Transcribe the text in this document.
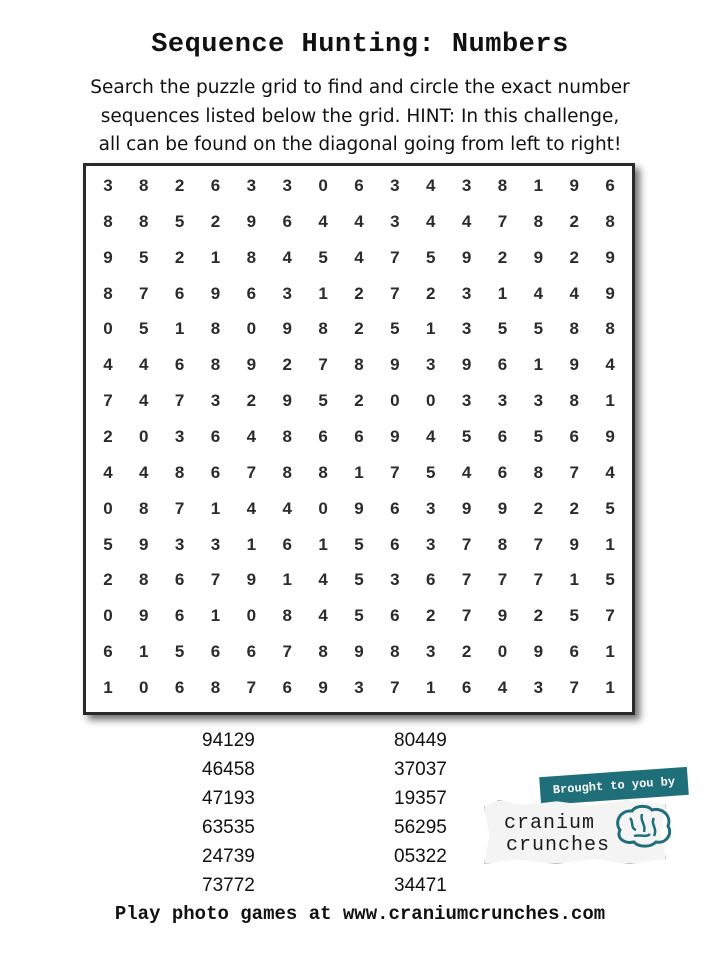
Sequence Hunting: Numbers
Search the puzzle grid to find and circle the exact number
sequences listed below the grid. HINT: In this challenge,
all can be found on the diagonal going from left to right!
3	8	2	6	3	3	0	6	3	4	3	8	1	9	6
8	8	5	2	9	6	4	4	3	4	4	7	8	2	8
9	5	2	1	8	4	5	4	7	5	9	2	9	2	9
8	7	6	9	6	3	1	2	7	2	3	1	4	4	9
0	5	1	8	0	9	8	2	5	1	3	5	5	8	8
4	4	6	8	9	2	7	8	9	3	9	6	1	9	4
7	4	7	3	2	9	5	2	0	0	3	3	3	8	1
2	0	3	6	4	8	6	6	9	4	5	6	5	6	9
4	4	8	6	7	8	8	1	7	5	4	6	8	7	4
0	8	7	1	4	4	0	9	6	3	9	9	2	2	5
5	9	3	3	1	6	1	5	6	3	7	8	7	9	1
2	8	6	7	9	1	4	5	3	6	7	7	7	1	5
0	9	6	1	0	8	4	5	6	2	7	9	2	5	7
6	1	5	6	6	7	8	9	8	3	2	0	9	6	1
1	0	6	8	7	6	9	3	7	1	6	4	3	7	1
94129
46458
47193
63535
24739
73772
80449
37037
19357
56295
05322
34471
Brought to you by
cranium
crunches
Play photo games at www.craniumcrunches.com
